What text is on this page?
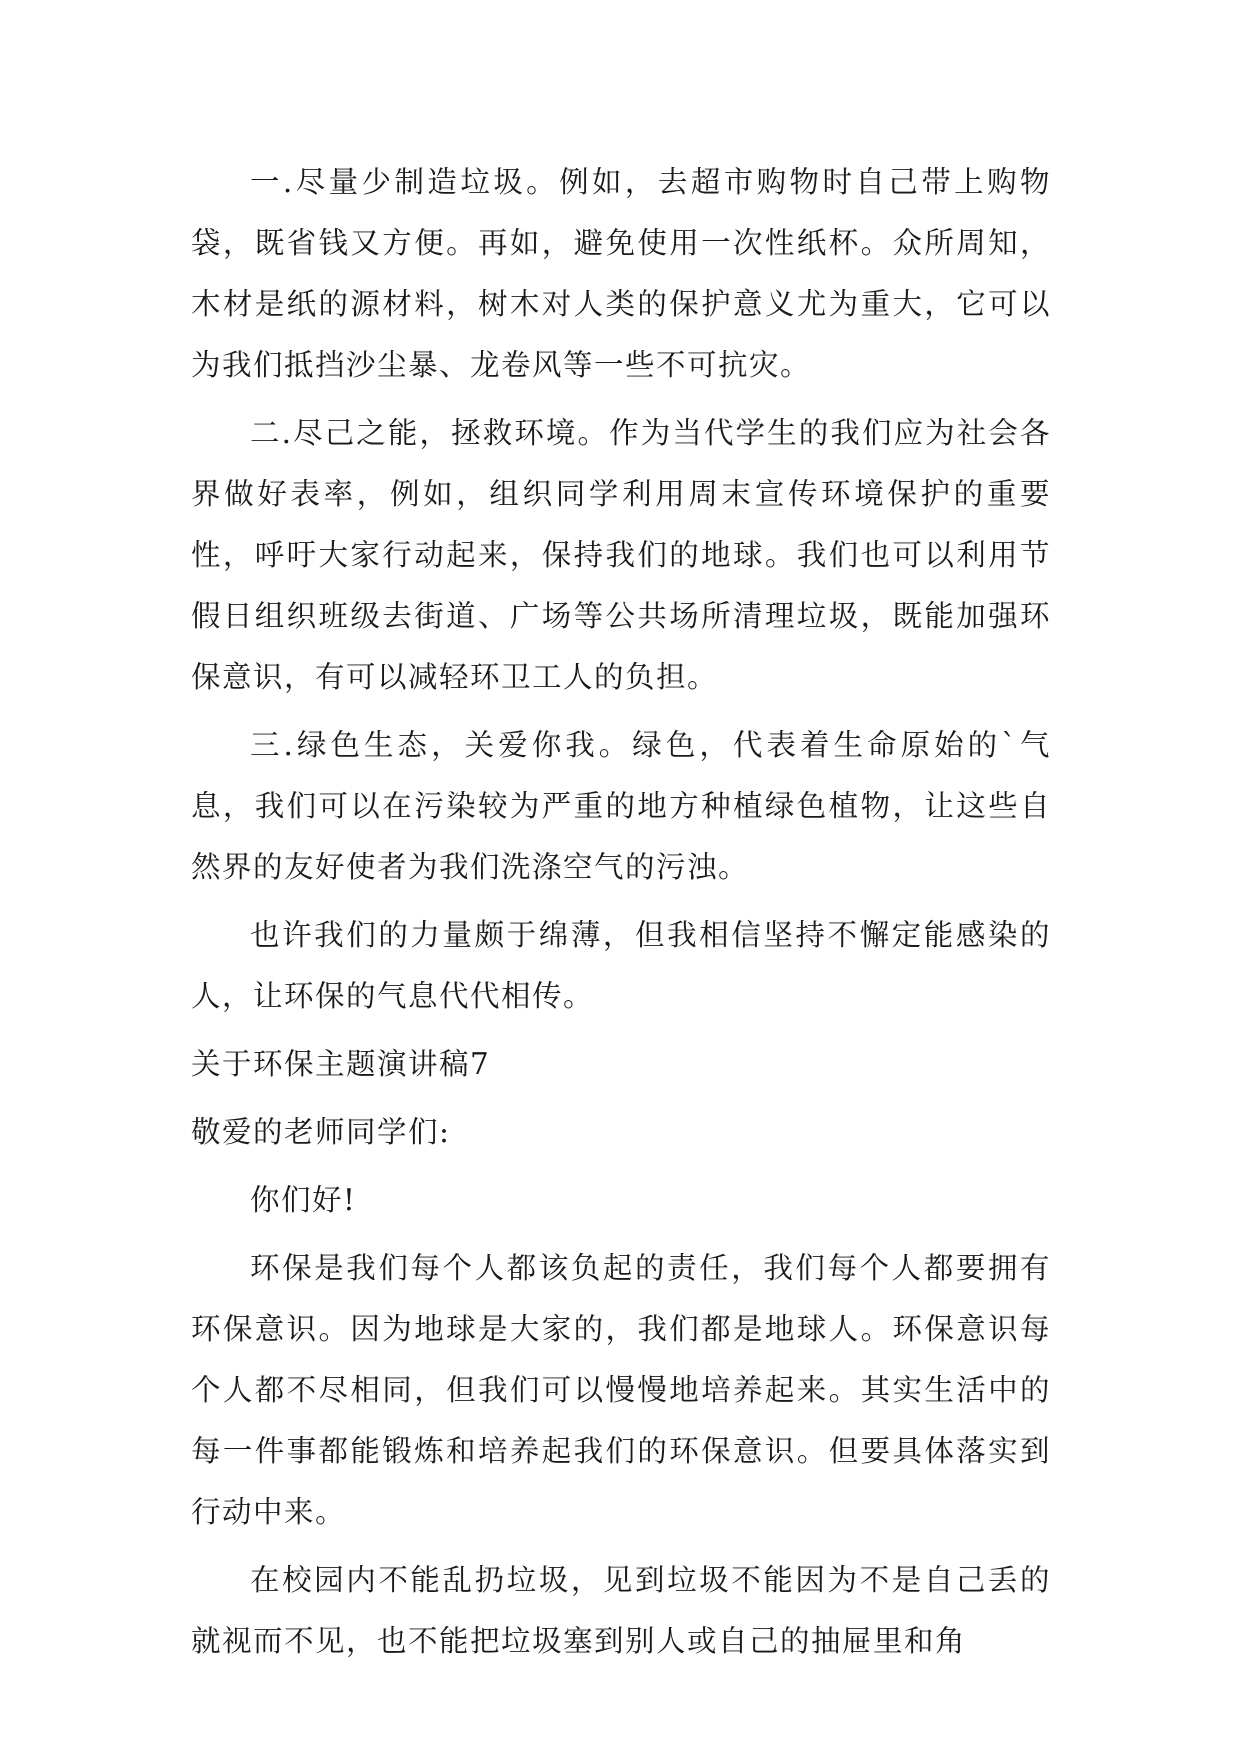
一.尽量少制造垃圾。例如，去超市购物时自己带上购物袋，既省钱又方便。再如，避免使用一次性纸杯。众所周知，木材是纸的源材料，树木对人类的保护意义尤为重大，它可以为我们抵挡沙尘暴、龙卷风等一些不可抗灾。

二.尽己之能，拯救环境。作为当代学生的我们应为社会各界做好表率，例如，组织同学利用周末宣传环境保护的重要性，呼吁大家行动起来，保持我们的地球。我们也可以利用节假日组织班级去街道、广场等公共场所清理垃圾，既能加强环保意识，有可以减轻环卫工人的负担。

三.绿色生态，关爱你我。绿色，代表着生命原始的`气息，我们可以在污染较为严重的地方种植绿色植物，让这些自然界的友好使者为我们洗涤空气的污浊。

也许我们的力量颇于绵薄，但我相信坚持不懈定能感染的人，让环保的气息代代相传。

关于环保主题演讲稿7

敬爱的老师同学们:

你们好!

环保是我们每个人都该负起的责任，我们每个人都要拥有环保意识。因为地球是大家的，我们都是地球人。环保意识每个人都不尽相同，但我们可以慢慢地培养起来。其实生活中的每一件事都能锻炼和培养起我们的环保意识。但要具体落实到行动中来。

在校园内不能乱扔垃圾，见到垃圾不能因为不是自己丢的就视而不见，也不能把垃圾塞到别人或自己的抽屉里和角
